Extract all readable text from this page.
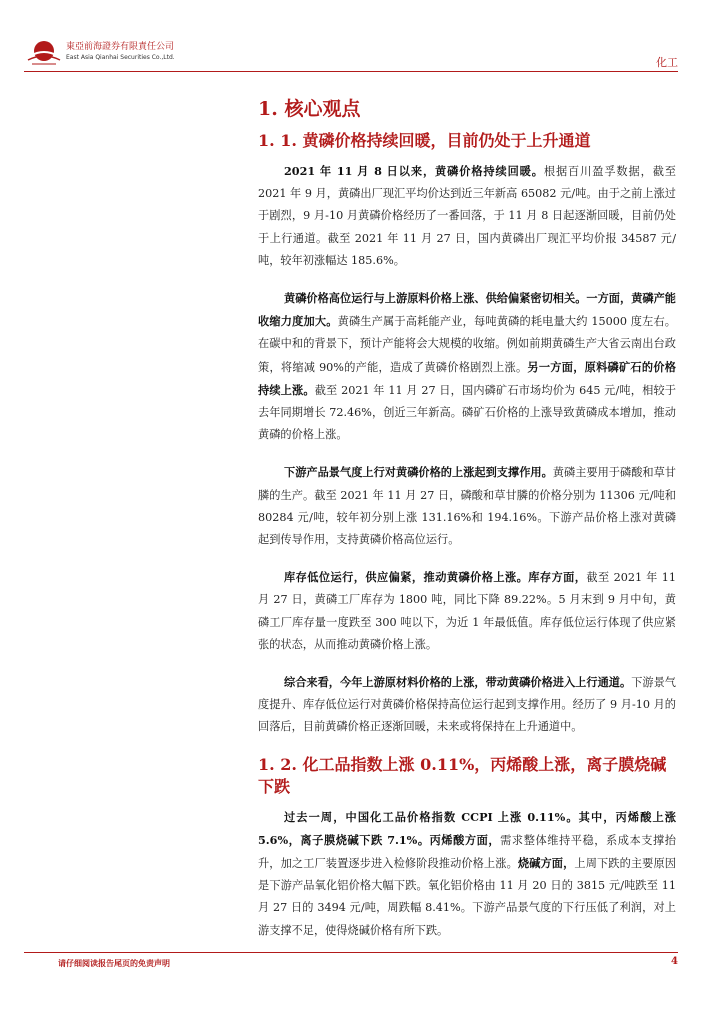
東亞前海證券有限責任公司
East Asia Qianhai Securities Co.,Ltd.	化工
1. 核心观点
1. 1. 黄磷价格持续回暖，目前仍处于上升通道

2021 年 11 月 8 日以来，黄磷价格持续回暖。根据百川盈孚数据，截至 2021 年 9 月，黄磷出厂现汇平均价达到近三年新高 65082 元/吨。由于之前上涨过于剧烈，9 月-10 月黄磷价格经历了一番回落，于 11 月 8 日起逐渐回暖，目前仍处于上行通道。截至 2021 年 11 月 27 日，国内黄磷出厂现汇平均价报 34587 元/吨，较年初涨幅达 185.6%。

黄磷价格高位运行与上游原料价格上涨、供给偏紧密切相关。一方面，黄磷产能收缩力度加大。黄磷生产属于高耗能产业，每吨黄磷的耗电量大约 15000 度左右。在碳中和的背景下，预计产能将会大规模的收缩。例如前期黄磷生产大省云南出台政策，将缩减 90%的产能，造成了黄磷价格剧烈上涨。另一方面，原料磷矿石的价格持续上涨。截至 2021 年 11 月 27 日，国内磷矿石市场均价为 645 元/吨，相较于去年同期增长 72.46%，创近三年新高。磷矿石价格的上涨导致黄磷成本增加，推动黄磷的价格上涨。

下游产品景气度上行对黄磷价格的上涨起到支撑作用。黄磷主要用于磷酸和草甘膦的生产。截至 2021 年 11 月 27 日，磷酸和草甘膦的价格分别为 11306 元/吨和 80284 元/吨，较年初分别上涨 131.16%和 194.16%。下游产品价格上涨对黄磷起到传导作用，支持黄磷价格高位运行。

库存低位运行，供应偏紧，推动黄磷价格上涨。库存方面，截至 2021 年 11 月 27 日，黄磷工厂库存为 1800 吨，同比下降 89.22%。5 月末到 9 月中旬，黄磷工厂库存量一度跌至 300 吨以下，为近 1 年最低值。库存低位运行体现了供应紧张的状态，从而推动黄磷价格上涨。

综合来看，今年上游原材料价格的上涨，带动黄磷价格进入上行通道。下游景气度提升、库存低位运行对黄磷价格保持高位运行起到支撑作用。经历了 9 月-10 月的回落后，目前黄磷价格正逐渐回暖，未来或将保持在上升通道中。

1. 2. 化工品指数上涨 0.11%，丙烯酸上涨，离子膜烧碱下跌

过去一周，中国化工品价格指数 CCPI 上涨 0.11%。其中，丙烯酸上涨 5.6%，离子膜烧碱下跌 7.1%。丙烯酸方面，需求整体维持平稳，系成本支撑抬升，加之工厂装置逐步进入检修阶段推动价格上涨。烧碱方面，上周下跌的主要原因是下游产品氧化铝价格大幅下跌。氧化铝价格由 11 月 20 日的 3815 元/吨跌至 11 月 27 日的 3494 元/吨，周跌幅 8.41%。下游产品景气度的下行压低了利润，对上游支撑不足，使得烧碱价格有所下跌。

请仔细阅读报告尾页的免责声明	4
